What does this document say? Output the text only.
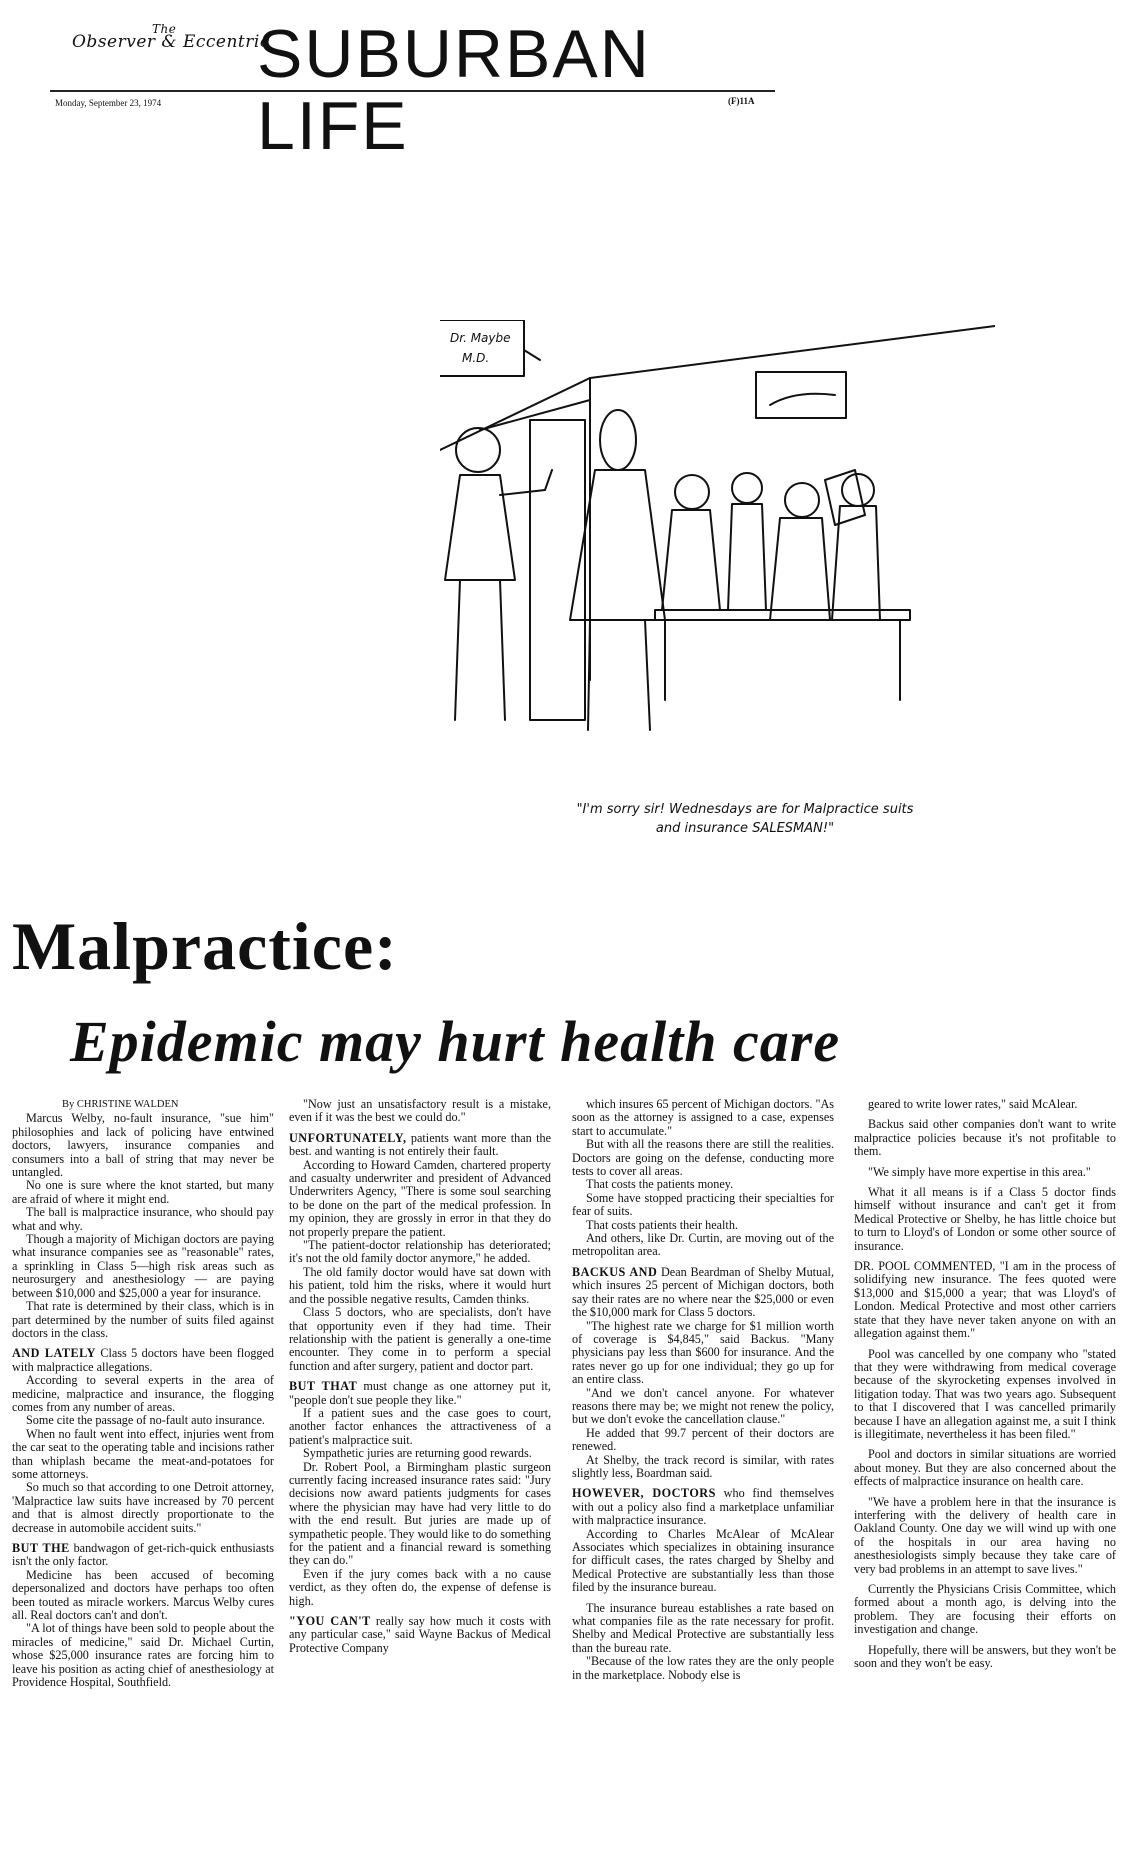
The
Observer & Eccentric
SUBURBAN LIFE
Monday, September 23, 1974	(F)11A
Dr. Maybe
M.D.
"I'm sorry sir! Wednesdays are for Malpractice suits
and insurance SALESMAN!"
Malpractice:
Epidemic may hurt health care

By CHRISTINE WALDEN

Marcus Welby, no-fault insurance, "sue him" philosophies and lack of policing have entwined doctors, lawyers, insurance companies and consumers into a ball of string that may never be untangled.

No one is sure where the knot started, but many are afraid of where it might end.

The ball is malpractice insurance, who should pay what and why.

Though a majority of Michigan doctors are paying what insurance companies see as "reasonable" rates, a sprinkling in Class 5—high risk areas such as neurosurgery and anesthesiology — are paying between $10,000 and $25,000 a year for insurance.

That rate is determined by their class, which is in part determined by the number of suits filed against doctors in the class.

AND LATELY Class 5 doctors have been flogged with malpractice allegations.

According to several experts in the area of medicine, malpractice and insurance, the flogging comes from any number of areas.

Some cite the passage of no-fault auto insurance.

When no fault went into effect, injuries went from the car seat to the operating table and incisions rather than whiplash became the meat-and-potatoes for some attorneys.

So much so that according to one Detroit attorney, 'Malpractice law suits have increased by 70 percent and that is almost directly proportionate to the decrease in automobile accident suits."

BUT THE bandwagon of get-rich-quick enthusiasts isn't the only factor.

Medicine has been accused of becoming depersonalized and doctors have perhaps too often been touted as miracle workers. Marcus Welby cures all. Real doctors can't and don't.

"A lot of things have been sold to people about the miracles of medicine," said Dr. Michael Curtin, whose $25,000 insurance rates are forcing him to leave his position as acting chief of anesthesiology at Providence Hospital, Southfield.

"Now just an unsatisfactory result is a mistake, even if it was the best we could do."

UNFORTUNATELY, patients want more than the best. and wanting is not entirely their fault.

According to Howard Camden, chartered property and casualty underwriter and president of Advanced Underwriters Agency, "There is some soul searching to be done on the part of the medical profession. In my opinion, they are grossly in error in that they do not properly prepare the patient.

"The patient-doctor relationship has deteriorated; it's not the old family doctor anymore," he added.

The old family doctor would have sat down with his patient, told him the risks, where it would hurt and the possible negative results, Camden thinks.

Class 5 doctors, who are specialists, don't have that opportunity even if they had time. Their relationship with the patient is generally a one-time encounter. They come in to perform a special function and after surgery, patient and doctor part.

BUT THAT must change as one attorney put it, "people don't sue people they like."

If a patient sues and the case goes to court, another factor enhances the attractiveness of a patient's malpractice suit.

Sympathetic juries are returning good rewards.

Dr. Robert Pool, a Birmingham plastic surgeon currently facing increased insurance rates said: "Jury decisions now award patients judgments for cases where the physician may have had very little to do with the end result. But juries are made up of sympathetic people. They would like to do something for the patient and a financial reward is something they can do."

Even if the jury comes back with a no cause verdict, as they often do, the expense of defense is high.

"YOU CAN'T really say how much it costs with any particular case," said Wayne Backus of Medical Protective Company

which insures 65 percent of Michigan doctors. "As soon as the attorney is assigned to a case, expenses start to accumulate."

But with all the reasons there are still the realities. Doctors are going on the defense, conducting more tests to cover all areas.

That costs the patients money.

Some have stopped practicing their specialties for fear of suits.

That costs patients their health.

And others, like Dr. Curtin, are moving out of the metropolitan area.

BACKUS AND Dean Beardman of Shelby Mutual, which insures 25 percent of Michigan doctors, both say their rates are no where near the $25,000 or even the $10,000 mark for Class 5 doctors.

"The highest rate we charge for $1 million worth of coverage is $4,845," said Backus. "Many physicians pay less than $600 for insurance. And the rates never go up for one individual; they go up for an entire class.

"And we don't cancel anyone. For whatever reasons there may be; we might not renew the policy, but we don't evoke the cancellation clause."

He added that 99.7 percent of their doctors are renewed.

At Shelby, the track record is similar, with rates slightly less, Boardman said.

HOWEVER, DOCTORS who find themselves with out a policy also find a marketplace unfamiliar with malpractice insurance.

According to Charles McAlear of McAlear Associates which specializes in obtaining insurance for difficult cases, the rates charged by Shelby and Medical Protective are substantially less than those filed by the insurance bureau.

The insurance bureau establishes a rate based on what companies file as the rate necessary for profit. Shelby and Medical Protective are substantially less than the bureau rate.

"Because of the low rates they are the only people in the marketplace. Nobody else is

geared to write lower rates," said McAlear.

Backus said other companies don't want to write malpractice policies because it's not profitable to them.

"We simply have more expertise in this area."

What it all means is if a Class 5 doctor finds himself without insurance and can't get it from Medical Protective or Shelby, he has little choice but to turn to Lloyd's of London or some other source of insurance.

DR. POOL COMMENTED, "I am in the process of solidifying new insurance. The fees quoted were $13,000 and $15,000 a year; that was Lloyd's of London. Medical Protective and most other carriers state that they have never taken anyone on with an allegation against them."

Pool was cancelled by one company who "stated that they were withdrawing from medical coverage because of the skyrocketing expenses involved in litigation today. That was two years ago. Subsequent to that I discovered that I was cancelled primarily because I have an allegation against me, a suit I think is illegitimate, nevertheless it has been filed."

Pool and doctors in similar situations are worried about money. But they are also concerned about the effects of malpractice insurance on health care.

"We have a problem here in that the insurance is interfering with the delivery of health care in Oakland County. One day we will wind up with one of the hospitals in our area having no anesthesiologists simply because they take care of very bad problems in an attempt to save lives."

Currently the Physicians Crisis Committee, which formed about a month ago, is delving into the problem. They are focusing their efforts on investigation and change.

Hopefully, there will be answers, but they won't be soon and they won't be easy.
